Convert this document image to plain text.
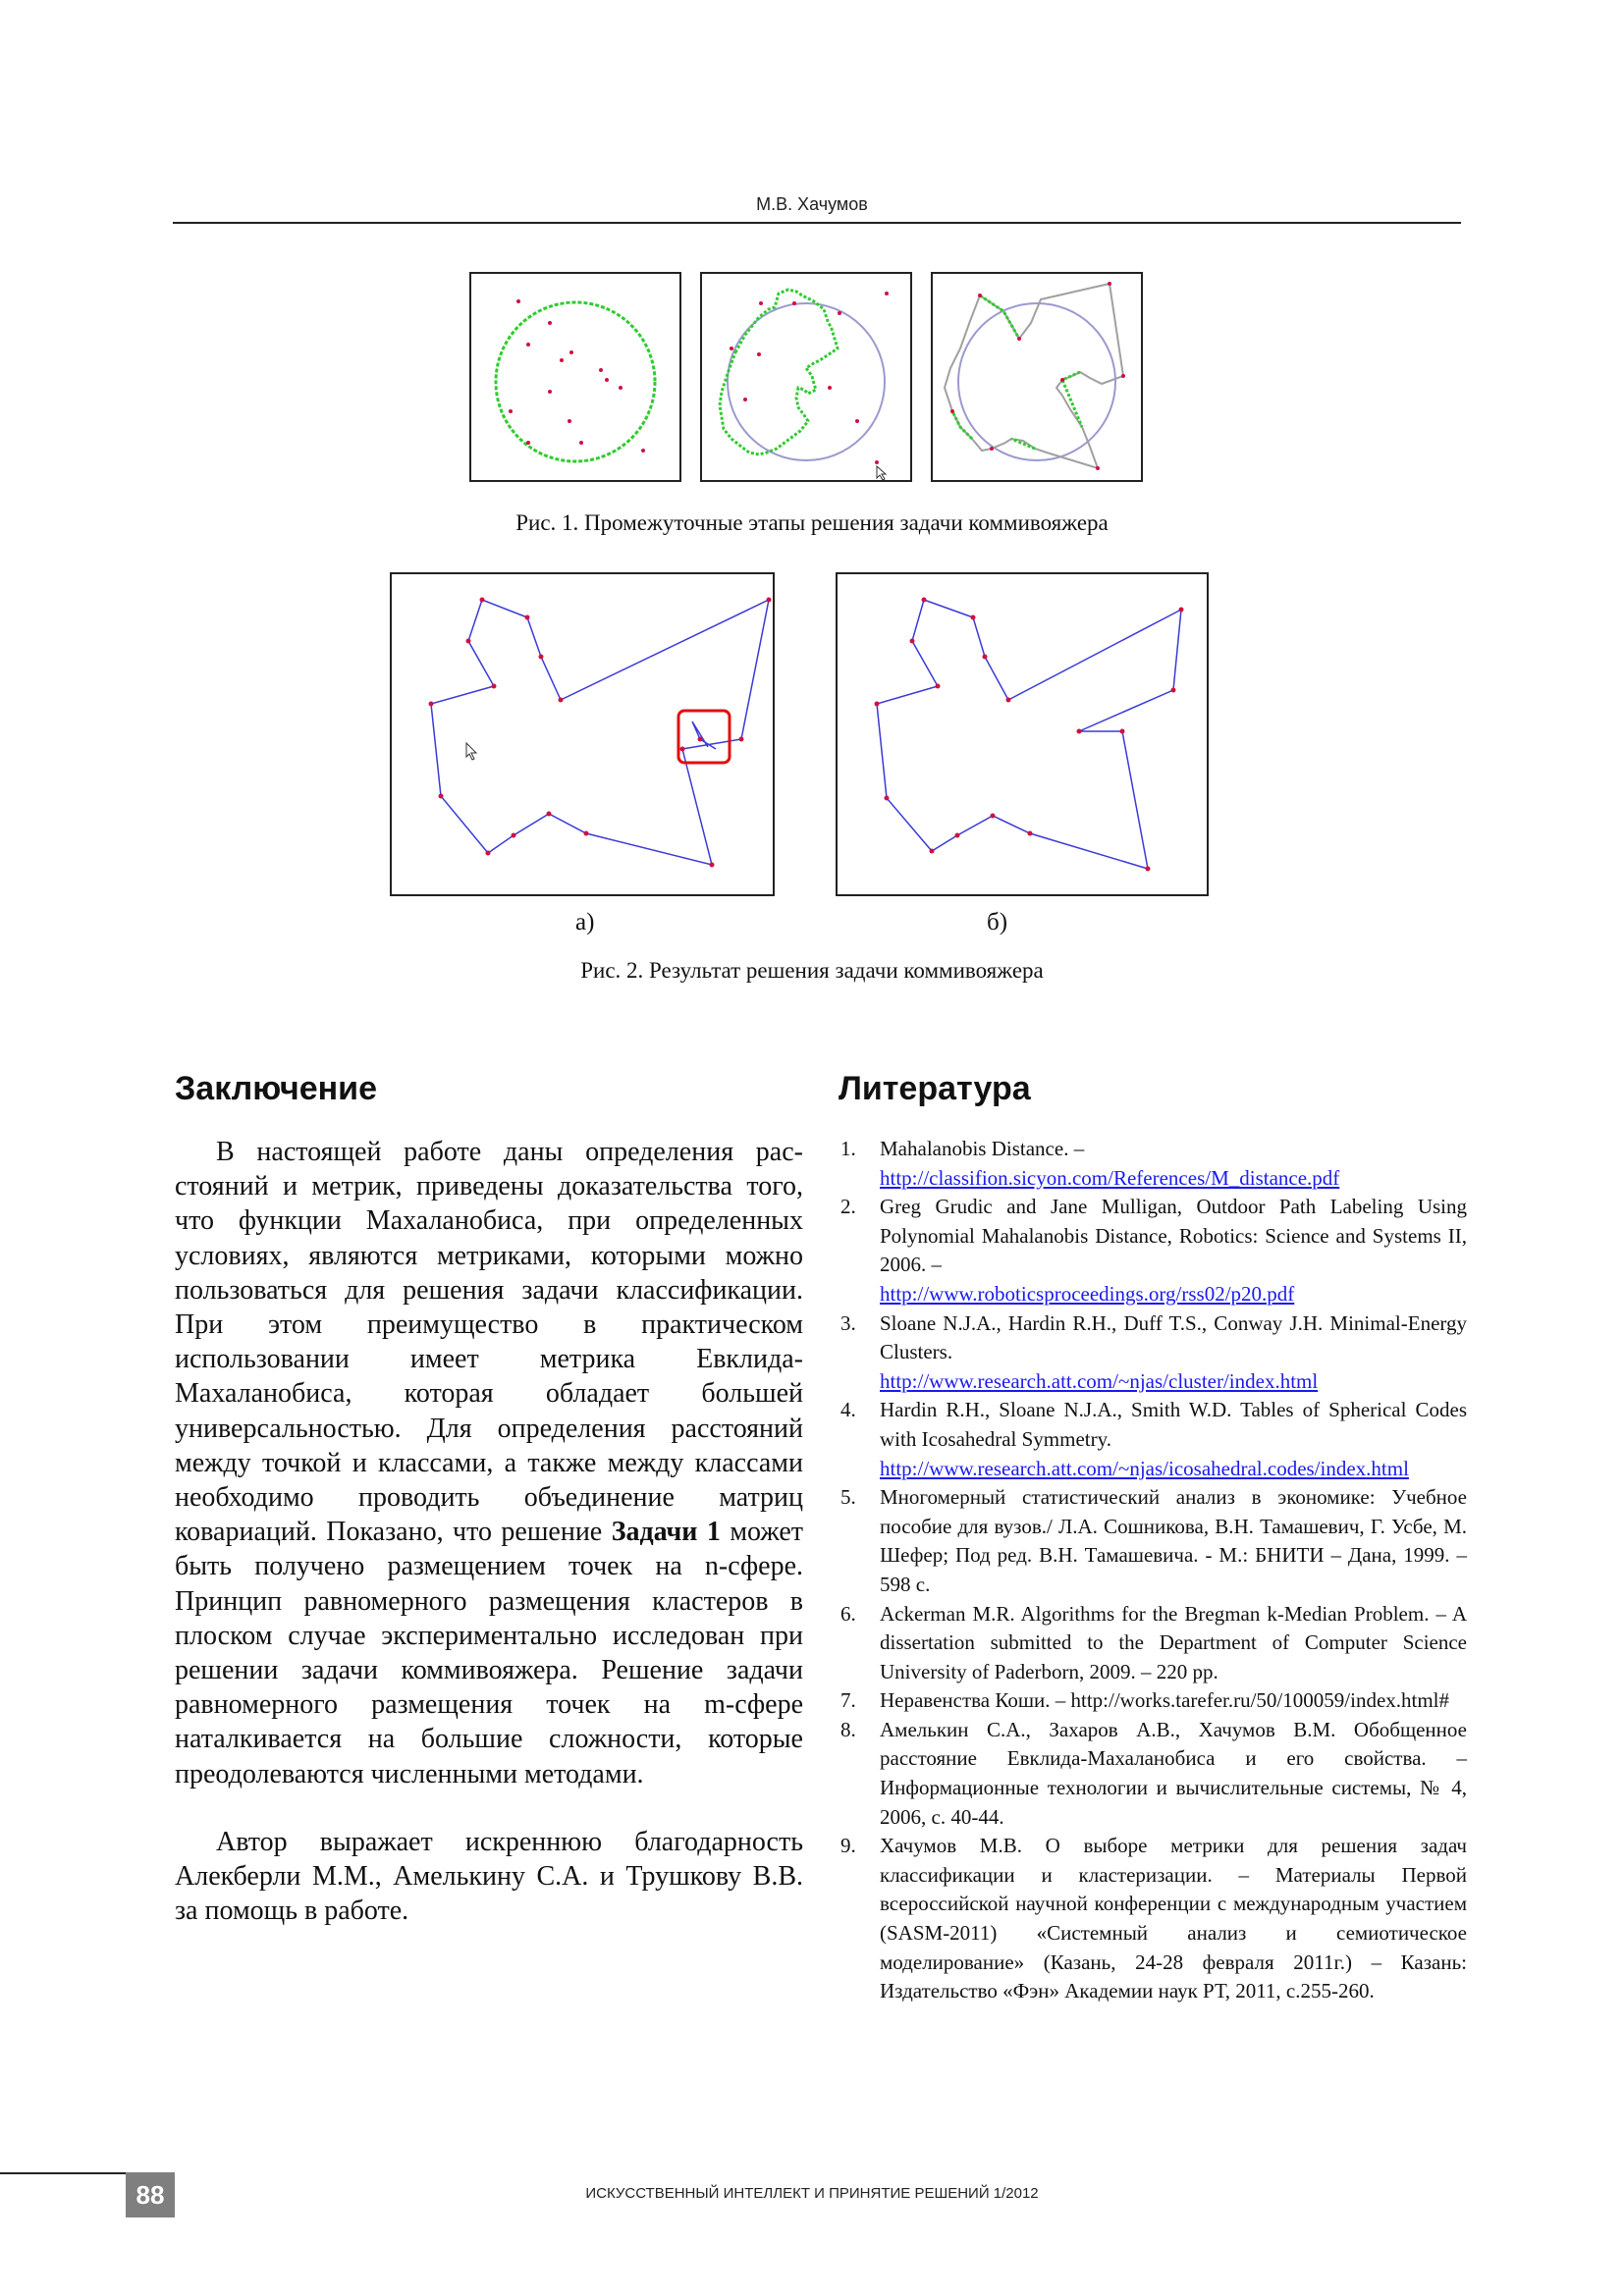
М.В. Хачумов
Рис. 1. Промежуточные этапы решения задачи коммивояжера
а)	б)
Рис. 2. Результат решения задачи коммивояжера
Заключение	Литература

В настоящей работе даны определения расстояний и метрик, приведены доказательства того, что функции Махаланобиса, при определенных условиях, являются метриками, которыми можно пользоваться для решения задачи классификации. При этом преимущество в практическом использовании имеет метрика Евклида-Махаланобиса, которая обладает большей универсальностью. Для определения расстояний между точкой и классами, а также между классами необходимо проводить объединение матриц ковариаций. Показано, что решение Задачи 1 может быть получено размещением точек на n-сфере. Принцип равномерного размещения кластеров в плоском случае экспериментально исследован при решении задачи коммивояжера. Решение задачи равномерного размещения точек на m-сфере наталкивается на большие сложности, которые преодолеваются численными методами.

Автор выражает искреннюю благодарность Алекберли М.М., Амелькину С.А. и Трушкову В.В. за помощь в работе.

1. Mahalanobis Distance. –
http://classifion.sicyon.com/References/M_distance.pdf
2. Greg Grudic and Jane Mulligan, Outdoor Path Labeling Using Polynomial Mahalanobis Distance, Robotics: Science and Systems II, 2006. –
http://www.roboticsproceedings.org/rss02/p20.pdf
3. Sloane N.J.A., Hardin R.H., Duff T.S., Conway J.H. Minimal-Energy Clusters.
http://www.research.att.com/~njas/cluster/index.html
4. Hardin R.H., Sloane N.J.A., Smith W.D. Tables of Spherical Codes with Icosahedral Symmetry.
http://www.research.att.com/~njas/icosahedral.codes/index.html
5. Многомерный статистический анализ в экономике: Учебное пособие для вузов./ Л.А. Сошникова, В.Н. Тамашевич, Г. Усбе, М. Шефер; Под ред. В.Н. Тамашевича. - М.: БНИТИ – Дана, 1999. – 598 с.
6. Ackerman M.R. Algorithms for the Bregman k-Median Problem. – A dissertation submitted to the Department of Computer Science University of Paderborn, 2009. – 220 pp.
7. Неравенства Коши. – http://works.tarefer.ru/50/100059/index.html#
8. Амелькин С.А., Захаров А.В., Хачумов В.М. Обобщенное расстояние Евклида-Махаланобиса и его свойства. – Информационные технологии и вычислительные системы, № 4, 2006, с. 40-44.
9. Хачумов М.В. О выборе метрики для решения задач классификации и кластеризации. – Материалы Первой всероссийской научной конференции с международным участием (SASM-2011) «Системный анализ и семиотическое моделирование» (Казань, 24-28 февраля 2011г.) – Казань: Издательство «Фэн» Академии наук РТ, 2011, с.255-260.
88	ИСКУССТВЕННЫЙ ИНТЕЛЛЕКТ И ПРИНЯТИЕ РЕШЕНИЙ 1/2012
